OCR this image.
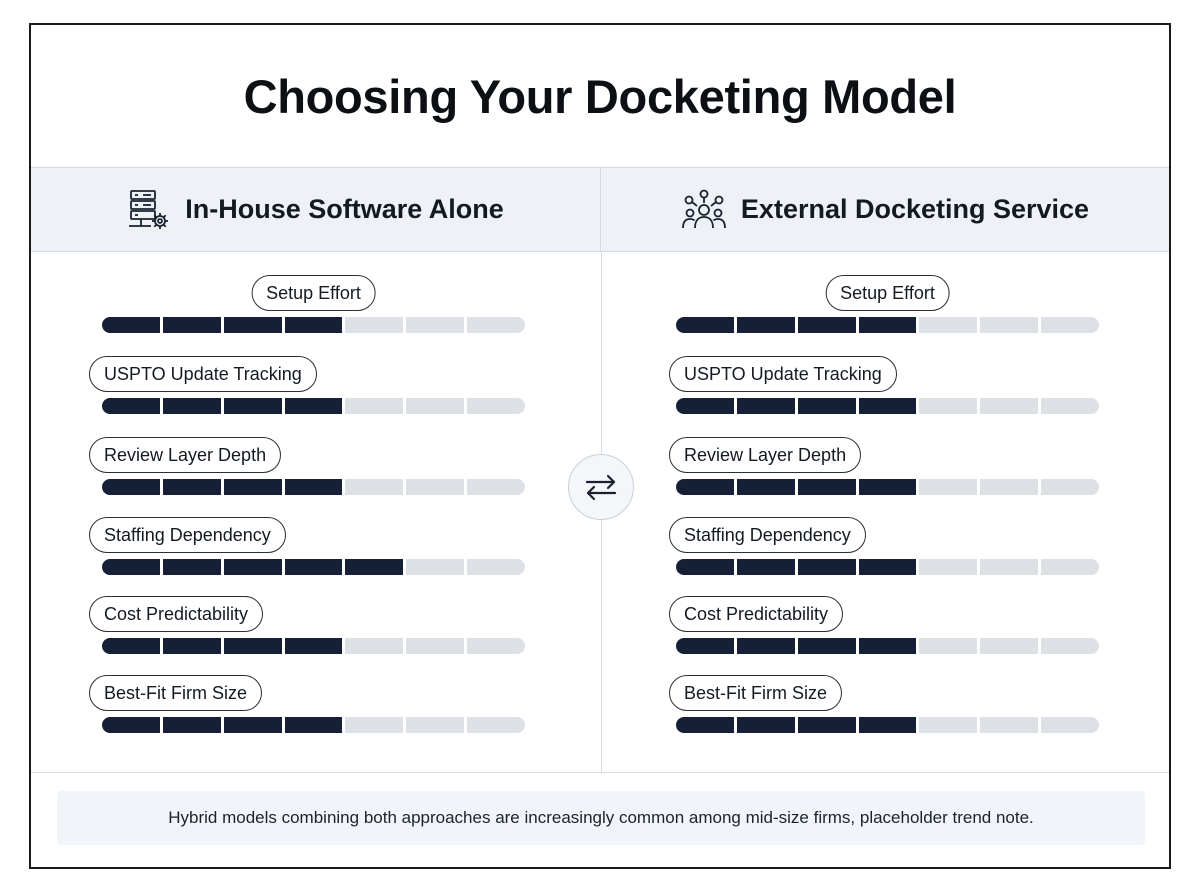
Choosing Your Docketing Model
In-House Software Alone	External Docketing Service
Setup Effort
USPTO Update Tracking
Review Layer Depth
Staffing Dependency
Cost Predictability
Best-Fit Firm Size
Setup Effort
USPTO Update Tracking
Review Layer Depth
Staffing Dependency
Cost Predictability
Best-Fit Firm Size
Hybrid models combining both approaches are increasingly common among mid-size firms, placeholder trend note.
